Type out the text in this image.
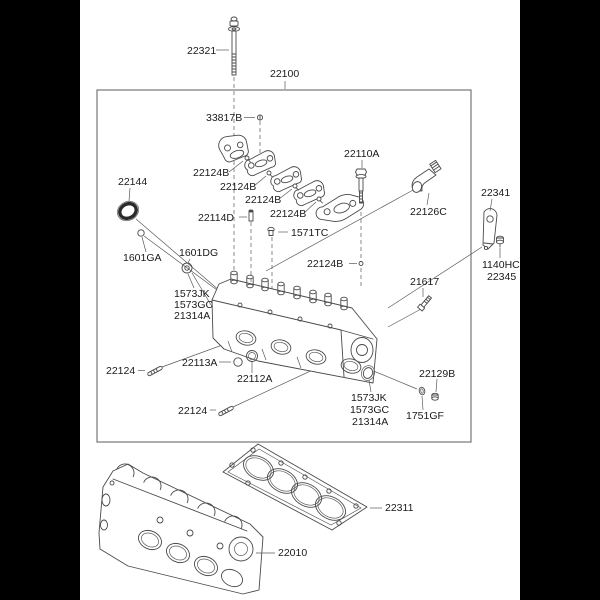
22321
22100
33817B
22124B
22124B
22124B
22124B
22124B
22110A
22126C
22144
22114D
1571TC
1601GA 1601DG
1573JK
1573GC
21314A
22341
1140HC
22345
21617
22124
22113A
22112A
22124
1573JK
1573GC
21314A
22129B
1751GF
22311
22010
